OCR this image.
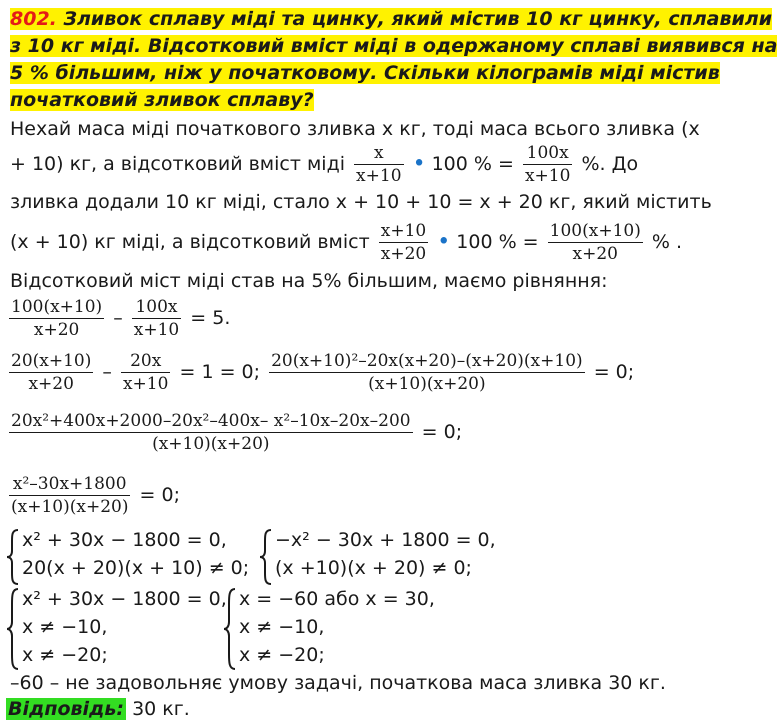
802. Зливок сплаву міді та цинку, який містив 10 кг цинку, сплавили
з 10 кг міді. Відсотковий вміст міді в одержаному сплаві виявився на
5 % більшим, ніж у початковому. Скільки кілограмів міді містив
початковий зливок сплаву?
Нехай маса міді початкового зливка х кг, тоді маса всього зливка (х
+ 10) кг, а відсотковий вміст міді $\frac{x}{x+10}$ • 100 % = $\frac{100x}{x+10}$ %. До
зливка додали 10 кг міді, стало х + 10 + 10 = х + 20 кг, який містить
(х + 10) кг міді, а відсотковий вміст $\frac{x+10}{x+20}$ • 100 % = $\frac{100(x+10)}{x+20}$ % .
Відсотковий міст міді став на 5% більшим, маємо рівняння:
$\frac{100(x+10)}{x+20} - \frac{100x}{x+10} = 5$.
$\frac{20(x+10)}{x+20} - \frac{20x}{x+10} = 1 = 0$; $\frac{\text{20(x+10)²–20x(x+20)–(x+20)(x+10)}}{(x+10)(x+20)} = 0$;
$\frac{\text{20x²+400x+2000–20x²–400x– x²–10x–20x–200}}{(x+10)(x+20)} = 0$;
$\frac{\text{x²–30x+1800}}{(x+10)(x+20)} = 0$;
х² + 30х − 1800 = 0,
20(х + 20)(х + 10) ≠ 0;
−х² − 30х + 1800 = 0,
(х +10)(х + 20) ≠ 0;
х² + 30х − 1800 = 0,
х ≠ −10,
х ≠ −20;
х = −60 або х = 30,
х ≠ −10,
х ≠ −20;
–60 – не задовольняє умову задачі, початкова маса зливка 30 кг.
Відповідь: 30 кг.
